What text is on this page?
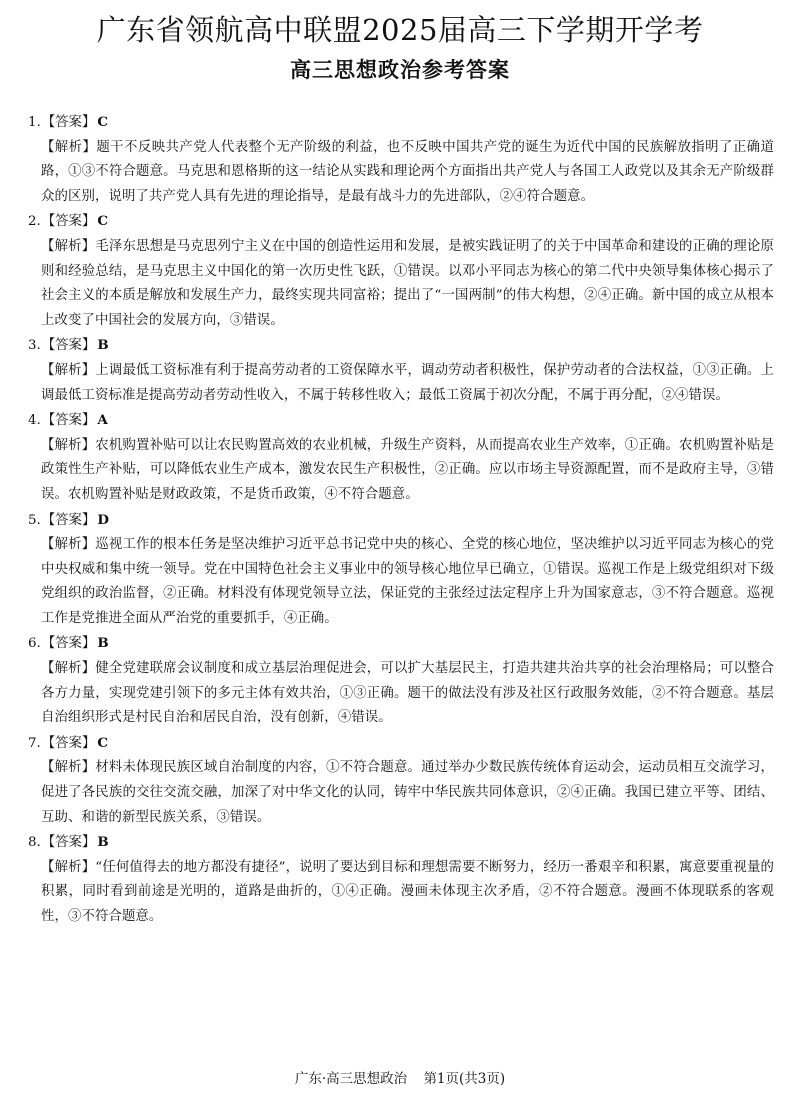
广东省领航高中联盟2025届高三下学期开学考
高三思想政治参考答案

1.【答案】 C

【解析】题干不反映共产党人代表整个无产阶级的利益，也不反映中国共产党的诞生为近代中国的民族解放指明了正确道路，①③不符合题意。马克思和恩格斯的这一结论从实践和理论两个方面指出共产党人与各国工人政党以及其余无产阶级群众的区别，说明了共产党人具有先进的理论指导，是最有战斗力的先进部队，②④符合题意。

2.【答案】 C

【解析】毛泽东思想是马克思列宁主义在中国的创造性运用和发展，是被实践证明了的关于中国革命和建设的正确的理论原则和经验总结，是马克思主义中国化的第一次历史性飞跃，①错误。以邓小平同志为核心的第二代中央领导集体核心揭示了社会主义的本质是解放和发展生产力，最终实现共同富裕；提出了“一国两制”的伟大构想，②④正确。新中国的成立从根本上改变了中国社会的发展方向，③错误。

3.【答案】 B

【解析】上调最低工资标准有利于提高劳动者的工资保障水平，调动劳动者积极性，保护劳动者的合法权益，①③正确。上调最低工资标准是提高劳动者劳动性收入，不属于转移性收入；最低工资属于初次分配，不属于再分配，②④错误。

4.【答案】 A

【解析】农机购置补贴可以让农民购置高效的农业机械，升级生产资料，从而提高农业生产效率，①正确。农机购置补贴是政策性生产补贴，可以降低农业生产成本，激发农民生产积极性，②正确。应以市场主导资源配置，而不是政府主导，③错误。农机购置补贴是财政政策，不是货币政策，④不符合题意。

5.【答案】 D

【解析】巡视工作的根本任务是坚决维护习近平总书记党中央的核心、全党的核心地位，坚决维护以习近平同志为核心的党中央权威和集中统一领导。党在中国特色社会主义事业中的领导核心地位早已确立，①错误。巡视工作是上级党组织对下级党组织的政治监督，②正确。材料没有体现党领导立法，保证党的主张经过法定程序上升为国家意志，③不符合题意。巡视工作是党推进全面从严治党的重要抓手，④正确。

6.【答案】 B

【解析】健全党建联席会议制度和成立基层治理促进会，可以扩大基层民主，打造共建共治共享的社会治理格局；可以整合各方力量，实现党建引领下的多元主体有效共治，①③正确。题干的做法没有涉及社区行政服务效能，②不符合题意。基层自治组织形式是村民自治和居民自治，没有创新，④错误。

7.【答案】 C

【解析】材料未体现民族区域自治制度的内容，①不符合题意。通过举办少数民族传统体育运动会，运动员相互交流学习，促进了各民族的交往交流交融，加深了对中华文化的认同，铸牢中华民族共同体意识，②④正确。我国已建立平等、团结、互助、和谐的新型民族关系，③错误。

8.【答案】 B

【解析】“任何值得去的地方都没有捷径”，说明了要达到目标和理想需要不断努力，经历一番艰辛和积累，寓意要重视量的积累，同时看到前途是光明的，道路是曲折的，①④正确。漫画未体现主次矛盾，②不符合题意。漫画不体现联系的客观性，③不符合题意。

广东·高三思想政治 第1页(共3页)
